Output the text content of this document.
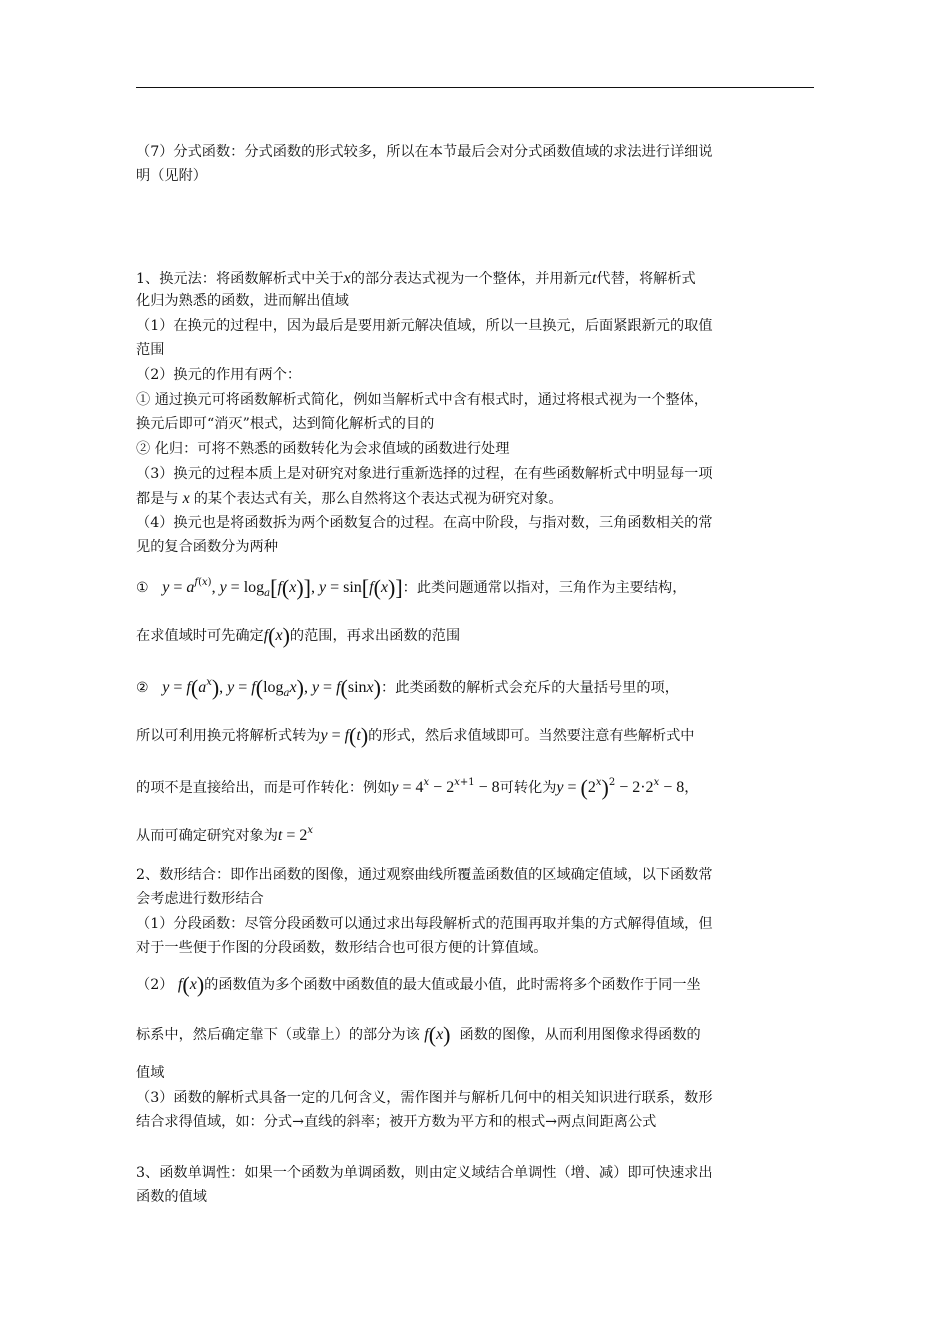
（7）分式函数：分式函数的形式较多，所以在本节最后会对分式函数值域的求法进行详细说
明（见附）
1、换元法：将函数解析式中关于x的部分表达式视为一个整体，并用新元t代替，将解析式
化归为熟悉的函数，进而解出值域
（1）在换元的过程中，因为最后是要用新元解决值域，所以一旦换元，后面紧跟新元的取值
范围
（2）换元的作用有两个：
① 通过换元可将函数解析式简化，例如当解析式中含有根式时，通过将根式视为一个整体，
换元后即可“消灭”根式，达到简化解析式的目的
② 化归：可将不熟悉的函数转化为会求值域的函数进行处理
（3）换元的过程本质上是对研究对象进行重新选择的过程，在有些函数解析式中明显每一项
都是与 x 的某个表达式有关，那么自然将这个表达式视为研究对象。
（4）换元也是将函数拆为两个函数复合的过程。在高中阶段，与指对数，三角函数相关的常
见的复合函数分为两种
① $y = a^{f(x)}$, $y = \log_a[f(x)]$, y = sin[f(x)]：此类问题通常以指对，三角作为主要结构，
在求值域时可先确定f(x)的范围，再求出函数的范围
② $y = f(a^x)$, $y = f(\log_ax)$, y = f(sinx)：此类函数的解析式会充斥的大量括号里的项，
所以可利用换元将解析式转为y = f(t)的形式，然后求值域即可。当然要注意有些解析式中
的项不是直接给出，而是可作转化：例如$y = 4^x - 2^{x+1} - 8$可转化为$y = (2^x)^2 - 2\cdot 2^x - 8$，
从而可确定研究对象为$t = 2^x$
2、数形结合：即作出函数的图像，通过观察曲线所覆盖函数值的区域确定值域，以下函数常
会考虑进行数形结合
（1）分段函数：尽管分段函数可以通过求出每段解析式的范围再取并集的方式解得值域，但
对于一些便于作图的分段函数，数形结合也可很方便的计算值域。
（2） f(x)的函数值为多个函数中函数值的最大值或最小值，此时需将多个函数作于同一坐
标系中，然后确定靠下（或靠上）的部分为该 f(x) 函数的图像，从而利用图像求得函数的
值域
（3）函数的解析式具备一定的几何含义，需作图并与解析几何中的相关知识进行联系，数形
结合求得值域，如：分式→直线的斜率；被开方数为平方和的根式→两点间距离公式
3、函数单调性：如果一个函数为单调函数，则由定义域结合单调性（增、减）即可快速求出
函数的值域
